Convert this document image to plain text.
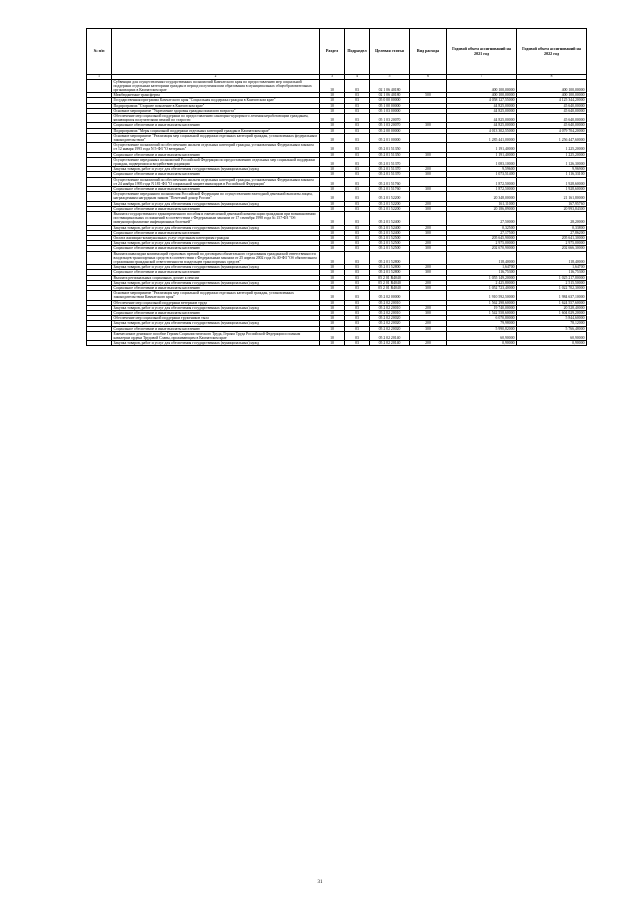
№ п/п		Раздел	Подраздел	Целевая статья	Вид расхода	Годовой объем ассигнований на 2021 год	Годовой объем ассигнований на 2022 год
1	2	3	4	5	6	7	8
	Субвенции для осуществления государственных полномочий Камчатского края по предоставлению мер социальной поддержки отдельным категориям граждан в период получения ими образования в муниципальных общеобразовательных организациях в Камчатском крае	10	03	02 1 06 40180		400 100,00000	400 100,00000
	Межбюджетные трансферты	10	03	02 1 06 40180	500	400 100,00000	400 100,00000
	Государственная программа Камчатского края "Социальная поддержка граждан в Камчатском крае"	10	03	05 0 00 00000		4 058 127,55000	4 125 344,20000
	Подпрограмма "Старшее поколение в Камчатском крае"	10	03	05 1 00 00000		44 825,00000	45 640,00000
	Основное мероприятие "Укрепление здоровья граждан пожилого возраста"	10	03	05 1 03 00000		44 825,00000	45 640,00000
	Обеспечение мер социальной поддержки по предоставлению санаторно-курортного лечения неработающим гражданам, являющимся получателями пенсий по старости	10	03	05 1 03 20070		44 825,00000	45 640,00000
	Социальное обеспечение и иные выплаты населению	10	03	05 1 03 20070	300	44 825,00000	45 640,00000
	Подпрограмма "Меры социальной поддержки отдельных категорий граждан в Камчатском крае"	10	03	05 2 00 00000		4 013 302,55000	4 079 704,20000
	Основное мероприятие "Реализация мер социальной поддержки отдельных категорий граждан, установленных федеральным законодательством"	10	03	05 2 01 00000		1 285 441,00000	1 256 447,60000
	Осуществление полномочий по обеспечению жильем отдельных категорий граждан, установленных Федеральным законом от 12 января 1995 года N 5-ФЗ "О ветеранах"	10	03	05 2 01 51350		1 191,40000	1 225,20000
	Социальное обеспечение и иные выплаты населению	10	03	05 2 01 51350	300	1 191,40000	1 225,20000
	Осуществление переданных полномочий Российской Федерации по предоставлению отдельных мер социальной поддержки граждан, подвергшихся воздействию радиации	10	03	05 2 01 51370		1 083,10000	1 126,30000
	Закупка товаров, работ и услуг для обеспечения государственных (муниципальных) нужд	10	03	05 2 01 51370	200	9,59600	9,96900
	Социальное обеспечение и иные выплаты населению	10	03	05 2 01 51370	300	1 073,51400	1 116,33100
	Осуществление полномочий по обеспечению жильем отдельных категорий граждан, установленных Федеральным законом от 24 ноября 1995 года N 181-ФЗ "О социальной защите инвалидов в Российской Федерации"	10	03	05 2 01 51760		1 872,50000	1 928,60000
	Социальное обеспечение и иные выплаты населению	10	03	05 2 01 51760	300	1 872,50000	1 928,60000
	Осуществление переданного полномочия Российской Федерации по осуществлению ежегодной денежной выплаты лицам, награжденным нагрудным знаком "Почетный донор России"	10	03	05 2 01 52200		20 348,00000	21 161,80000
	Закупка товаров, работ и услуг для обеспечения государственных (муниципальных) нужд	10	03	05 2 01 52200	200	161,11000	167,95760
	Социальное обеспечение и иные выплаты населению	10	03	05 2 01 52200	300	20 186,89000	20 993,84300
	Выплата государственного единовременного пособия и ежемесячной денежной компенсации гражданам при возникновении поствакцинальных осложнений в соответствии с Федеральным законом от 17 сентября 1998 года № 157-ФЗ "Об иммунопрофилактике инфекционных болезней"	10	03	05 2 01 52400		27,50000	28,20000
	Закупка товаров, работ и услуг для обеспечения государственных (муниципальных) нужд	10	03	05 2 01 52400	200	0,32500	0,33800
	Социальное обеспечение и иные выплаты населению	10	03	05 2 01 52400	300	27,17500	27,86200
	Оплата жилищно-коммунальных услуг отдельным категориям граждан	10	03	05 2 01 52500		205 645,90000	205 641,30000
	Закупка товаров, работ и услуг для обеспечения государственных (муниципальных) нужд	10	03	05 2 01 52500	200	2 975,00000	2 975,00000
	Социальное обеспечение и иные выплаты населению	10	03	05 2 01 52500	300	202 670,90000	202 666,30000
	Выплата инвалидам компенсаций страховых премий по договорам обязательного страхования гражданской ответственности владельцев транспортных средств в соответствии с Федеральным законом от 25 апреля 2002 года № 40-ФЗ "Об обязательном страховании гражданской ответственности владельцев транспортных средств"	10	03	05 2 01 52800		118,40000	118,40000
	Закупка товаров, работ и услуг для обеспечения государственных (муниципальных) нужд	10	03	05 2 01 52800	200	1,64700	1,64700
	Социальное обеспечение и иные выплаты населению	10	03	05 2 01 52800	300	116,75300	116,75300
	Выплата региональных социальных доплат к пенсии	10	03	05 2 01 R4040		1 055 149,20000	1 025 217,80000
	Закупка товаров, работ и услуг для обеспечения государственных (муниципальных) нужд	10	03	05 2 01 R4040	200	2 425,80000	2 515,50000
	Социальное обеспечение и иные выплаты населению	10	03	05 2 01 R4040	300	1 052 723,40000	1 022 702,30000
	Основное мероприятие "Реализация мер социальной поддержки отдельных категорий граждан, установленных законодательством Камчатского края"	10	03	05 2 02 00000		1 910 592,50000	1 984 637,10000
	Обеспечение мер социальной поддержки ветеранов труда	10	03	05 2 02 20010		1 562 298,60000	1 624 557,60000
	Закупка товаров, работ и услуг для обеспечения государственных (муниципальных) нужд	10	03	05 2 02 20010	200	19 740,00000	20 528,40000
	Социальное обеспечение и иные выплаты населению	10	03	05 2 02 20010	300	1 542 558,60000	1 604 029,20000
	Обеспечение мер социальной поддержки тружеников тыла	10	03	05 2 02 20020		6 070,80000	5 844,60000
	Закупка товаров, работ и услуг для обеспечения государственных (муниципальных) нужд	10	03	05 2 02 20020	200	79,98000	78,12000
	Социальное обеспечение и иные выплаты населению	10	03	05 2 02 20020	300	5 990,82000	5 766,48000
	Ежемесячное денежное пособие Героям Социалистического Труда, Героям Труда Российской Федерации и полным кавалерам ордена Трудовой Славы, проживающим в Камчатском крае	10	03	05 2 02 20140		60,90000	60,90000
	Закупка товаров, работ и услуг для обеспечения государственных (муниципальных) нужд	10	03	05 2 02 20140	200	0,90000	0,90000
31
